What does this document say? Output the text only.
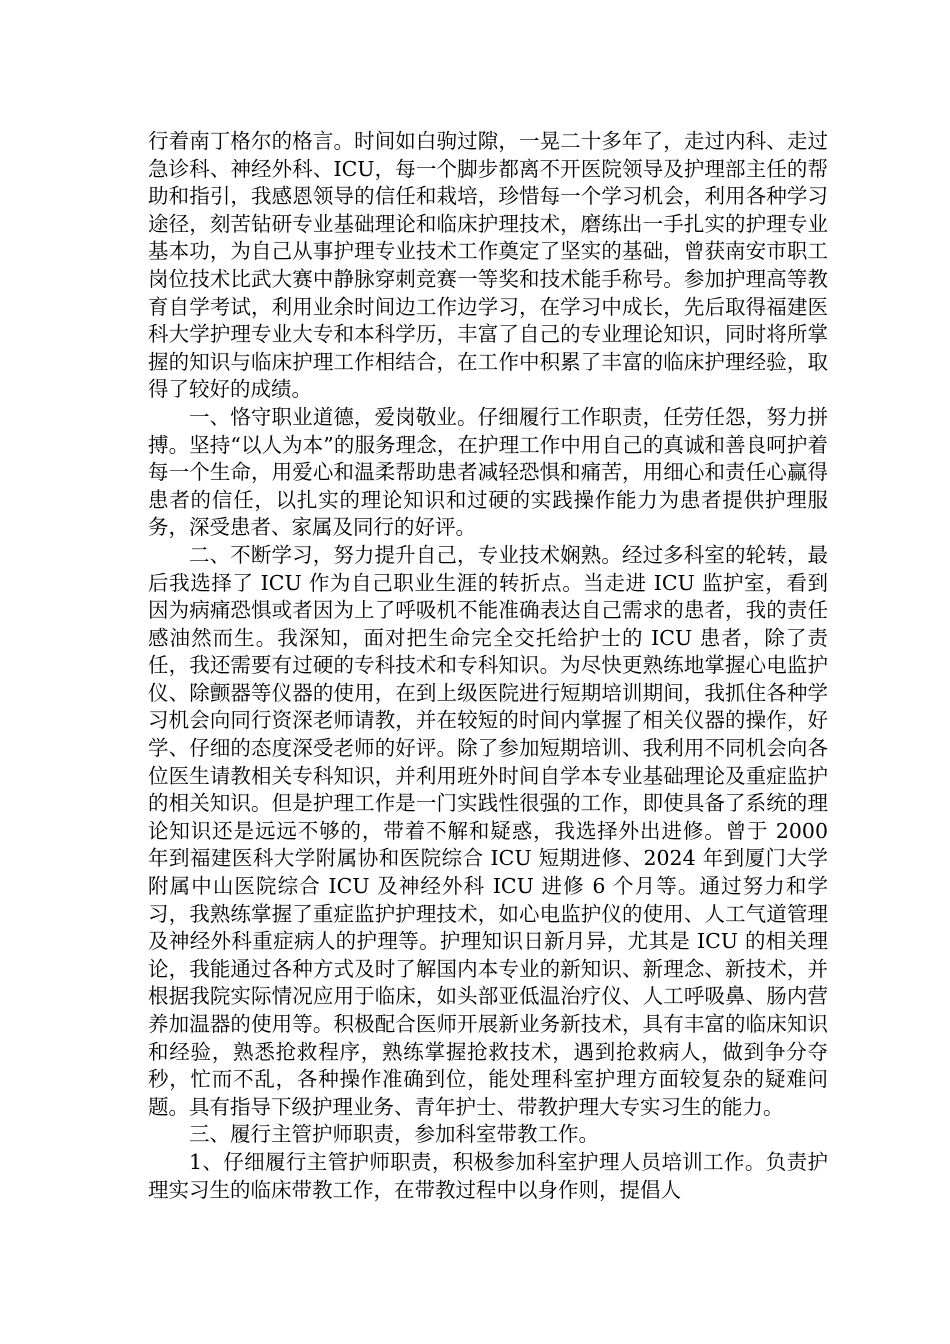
行着南丁格尔的格言。时间如白驹过隙，一晃二十多年了，走过内科、走过急诊科、神经外科、ICU，每一个脚步都离不开医院领导及护理部主任的帮助和指引，我感恩领导的信任和栽培，珍惜每一个学习机会，利用各种学习途径，刻苦钻研专业基础理论和临床护理技术，磨练出一手扎实的护理专业基本功，为自己从事护理专业技术工作奠定了坚实的基础，曾获南安市职工岗位技术比武大赛中静脉穿刺竞赛一等奖和技术能手称号。参加护理高等教育自学考试，利用业余时间边工作边学习，在学习中成长，先后取得福建医科大学护理专业大专和本科学历，丰富了自己的专业理论知识，同时将所掌握的知识与临床护理工作相结合，在工作中积累了丰富的临床护理经验，取得了较好的成绩。

一、恪守职业道德，爱岗敬业。仔细履行工作职责，任劳任怨，努力拼搏。坚持“以人为本”的服务理念，在护理工作中用自己的真诚和善良呵护着每一个生命，用爱心和温柔帮助患者减轻恐惧和痛苦，用细心和责任心赢得患者的信任，以扎实的理论知识和过硬的实践操作能力为患者提供护理服务，深受患者、家属及同行的好评。

二、不断学习，努力提升自己，专业技术娴熟。经过多科室的轮转，最后我选择了 ICU 作为自己职业生涯的转折点。当走进 ICU 监护室，看到因为病痛恐惧或者因为上了呼吸机不能准确表达自己需求的患者，我的责任感油然而生。我深知，面对把生命完全交托给护士的 ICU 患者，除了责任，我还需要有过硬的专科技术和专科知识。为尽快更熟练地掌握心电监护仪、除颤器等仪器的使用，在到上级医院进行短期培训期间，我抓住各种学习机会向同行资深老师请教，并在较短的时间内掌握了相关仪器的操作，好学、仔细的态度深受老师的好评。除了参加短期培训、我利用不同机会向各位医生请教相关专科知识，并利用班外时间自学本专业基础理论及重症监护的相关知识。但是护理工作是一门实践性很强的工作，即使具备了系统的理论知识还是远远不够的，带着不解和疑惑，我选择外出进修。曾于 2000 年到福建医科大学附属协和医院综合 ICU 短期进修、2024 年到厦门大学附属中山医院综合 ICU 及神经外科 ICU 进修 6 个月等。通过努力和学习，我熟练掌握了重症监护护理技术，如心电监护仪的使用、人工气道管理及神经外科重症病人的护理等。护理知识日新月异，尤其是 ICU 的相关理论，我能通过各种方式及时了解国内本专业的新知识、新理念、新技术，并根据我院实际情况应用于临床，如头部亚低温治疗仪、人工呼吸鼻、肠内营养加温器的使用等。积极配合医师开展新业务新技术，具有丰富的临床知识和经验，熟悉抢救程序，熟练掌握抢救技术，遇到抢救病人，做到争分夺秒，忙而不乱，各种操作准确到位，能处理科室护理方面较复杂的疑难问题。具有指导下级护理业务、青年护士、带教护理大专实习生的能力。

三、履行主管护师职责，参加科室带教工作。

1、仔细履行主管护师职责，积极参加科室护理人员培训工作。负责护理实习生的临床带教工作，在带教过程中以身作则，提倡人
